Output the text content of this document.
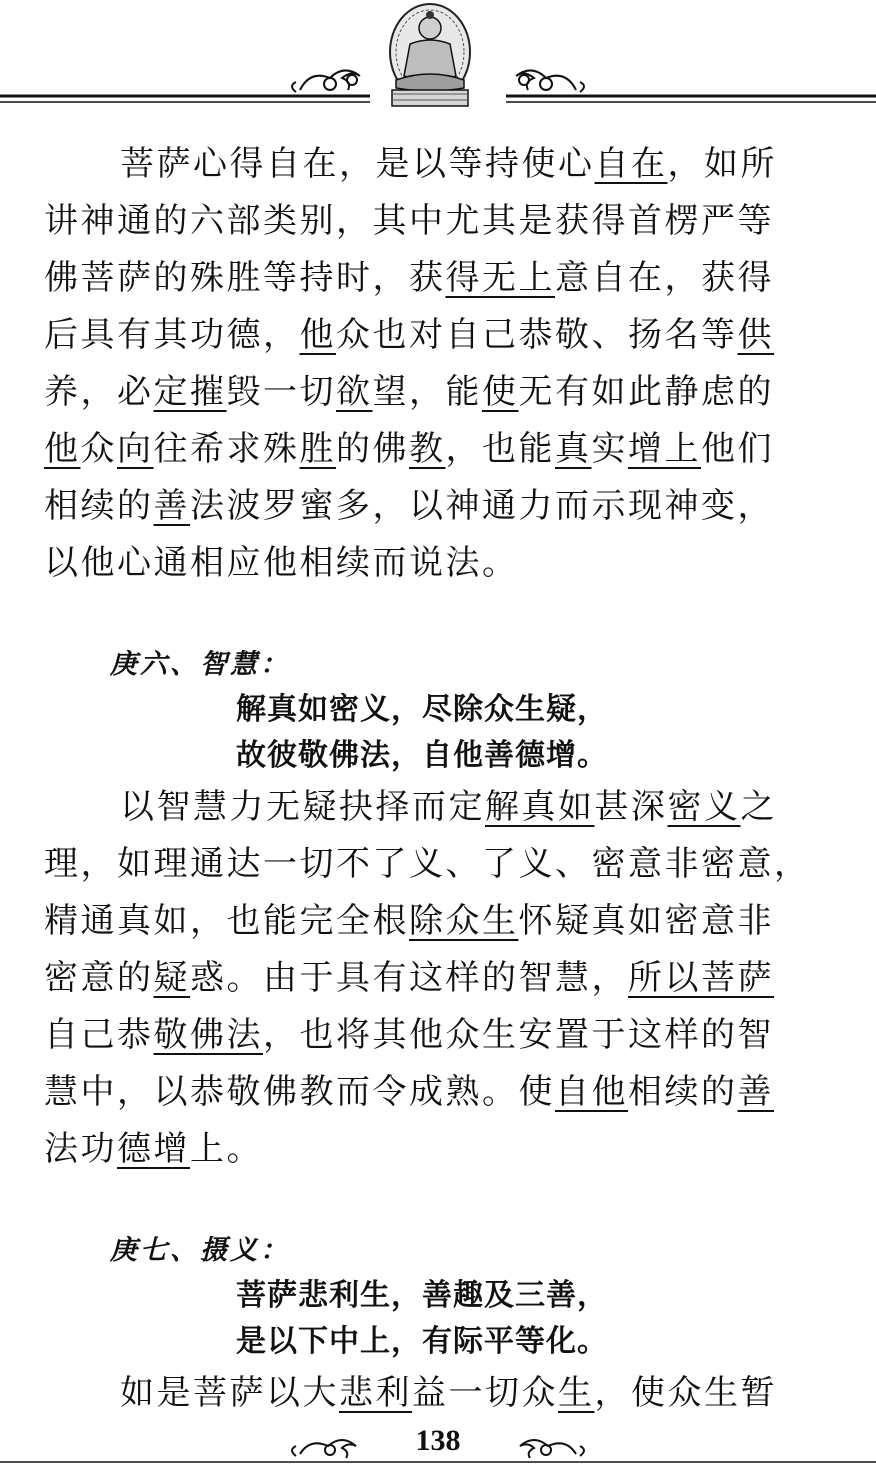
菩萨心得自在，是以等持使心自在，如所
讲神通的六部类别，其中尤其是获得首楞严等
佛菩萨的殊胜等持时，获得无上意自在，获得
后具有其功德，他众也对自己恭敬、扬名等供
养，必定摧毁一切欲望，能使无有如此静虑的
他众向往希求殊胜的佛教，也能真实增上他们
相续的善法波罗蜜多，以神通力而示现神变，
以他心通相应他相续而说法。

庚六、智慧：

解真如密义，尽除众生疑，

故彼敬佛法，自他善德增。

以智慧力无疑抉择而定解真如甚深密义之
理，如理通达一切不了义、了义、密意非密意，
精通真如，也能完全根除众生怀疑真如密意非
密意的疑惑。由于具有这样的智慧，所以菩萨
自己恭敬佛法，也将其他众生安置于这样的智
慧中，以恭敬佛教而令成熟。使自他相续的善
法功德增上。

庚七、摄义：

菩萨悲利生，善趣及三善，

是以下中上，有际平等化。

如是菩萨以大悲利益一切众生，使众生暂

138
